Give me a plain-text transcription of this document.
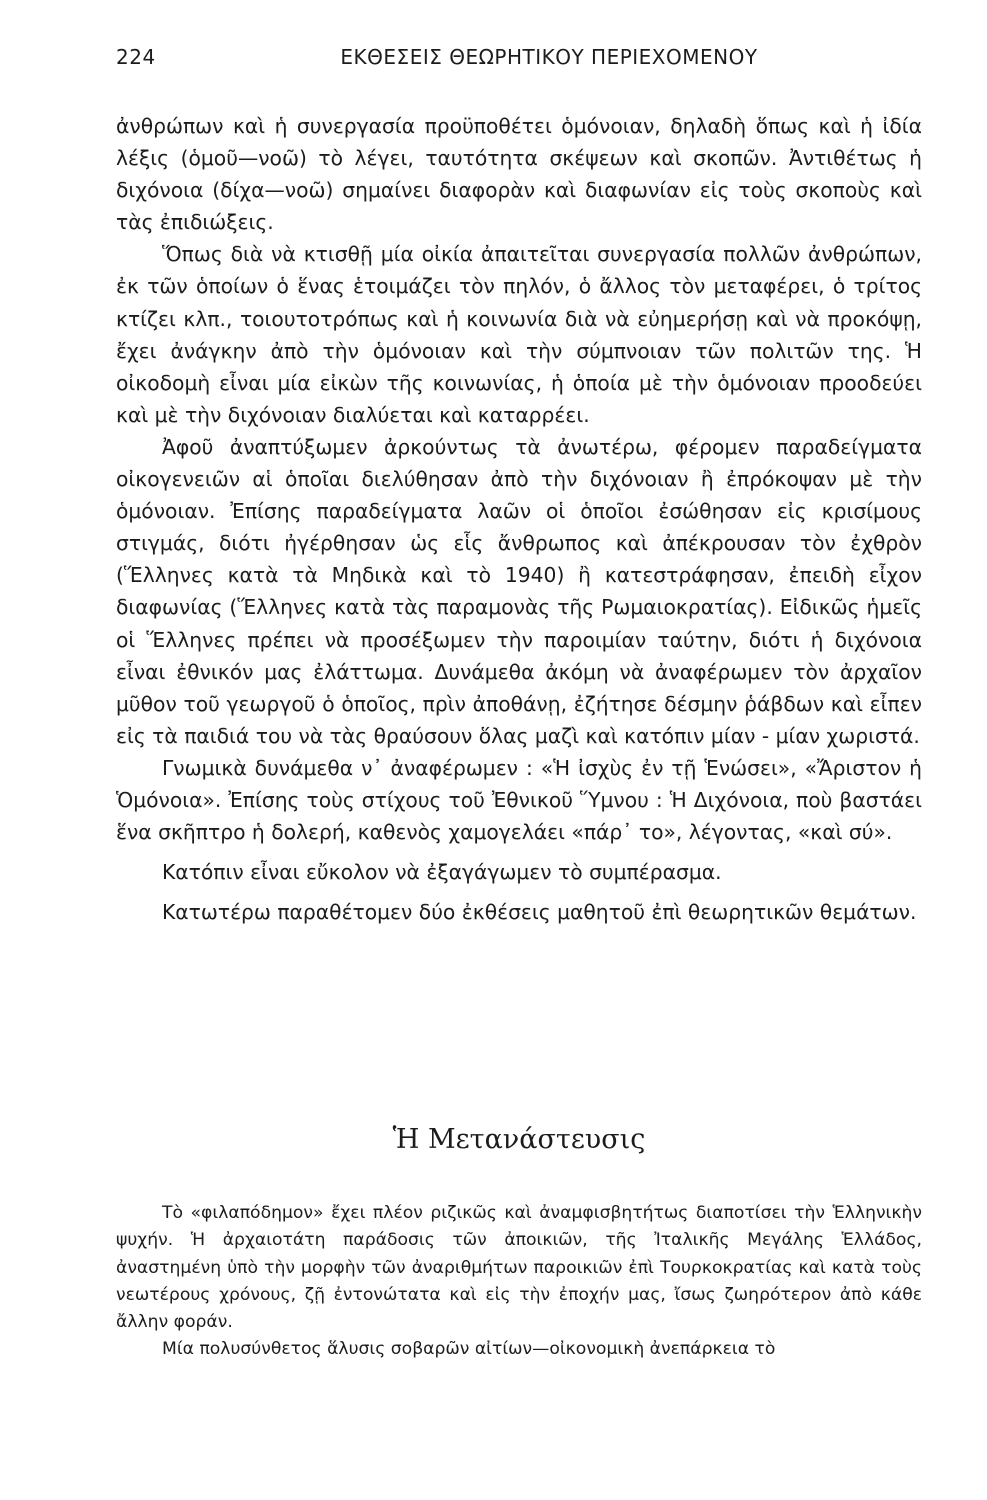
224	ΕΚΘΕΣΕΙΣ ΘΕΩΡΗΤΙΚΟΥ ΠΕΡΙΕΧΟΜΕΝΟΥ

ἀνθρώπων καὶ ἡ συνεργασία προϋποθέτει ὁμόνοιαν, δηλαδὴ ὅπως καὶ ἡ ἰδία λέξις (ὁμοῦ—νοῶ) τὸ λέγει, ταυτότητα σκέψεων καὶ σκοπῶν. Ἀντιθέτως ἡ διχόνοια (δίχα—νοῶ) σημαίνει διαφορὰν καὶ διαφωνίαν εἰς τοὺς σκοποὺς καὶ τὰς ἐπιδιώξεις.

Ὅπως διὰ νὰ κτισθῇ μία οἰκία ἀπαιτεῖται συνεργασία πολλῶν ἀνθρώπων, ἐκ τῶν ὁποίων ὁ ἕνας ἑτοιμάζει τὸν πηλόν, ὁ ἄλλος τὸν μεταφέρει, ὁ τρίτος κτίζει κλπ., τοιουτοτρόπως καὶ ἡ κοινωνία διὰ νὰ εὐημερήσῃ καὶ νὰ προκόψῃ, ἔχει ἀνάγκην ἀπὸ τὴν ὁμόνοιαν καὶ τὴν σύμπνοιαν τῶν πολιτῶν της. Ἡ οἰκοδομὴ εἶναι μία εἰκὼν τῆς κοινωνίας, ἡ ὁποία μὲ τὴν ὁμόνοιαν προοδεύει καὶ μὲ τὴν διχόνοιαν διαλύεται καὶ καταρρέει.

Ἀφοῦ ἀναπτύξωμεν ἀρκούντως τὰ ἀνωτέρω, φέρομεν παραδείγματα οἰκογενειῶν αἱ ὁποῖαι διελύθησαν ἀπὸ τὴν διχόνοιαν ἢ ἐπρόκοψαν μὲ τὴν ὁμόνοιαν. Ἐπίσης παραδείγματα λαῶν οἱ ὁποῖοι ἐσώθησαν εἰς κρισίμους στιγμάς, διότι ἠγέρθησαν ὡς εἷς ἄνθρωπος καὶ ἀπέκρουσαν τὸν ἐχθρὸν (Ἕλληνες κατὰ τὰ Μηδικὰ καὶ τὸ 1940) ἢ κατεστράφησαν, ἐπειδὴ εἶχον διαφωνίας (Ἕλληνες κατὰ τὰς παραμονὰς τῆς Ρωμαιοκρατίας). Εἰδικῶς ἡμεῖς οἱ Ἕλληνες πρέπει νὰ προσέξωμεν τὴν παροιμίαν ταύτην, διότι ἡ διχόνοια εἶναι ἐθνικόν μας ἐλάττωμα. Δυνάμεθα ἀκόμη νὰ ἀναφέρωμεν τὸν ἀρχαῖον μῦθον τοῦ γεωργοῦ ὁ ὁποῖος, πρὶν ἀποθάνῃ, ἐζήτησε δέσμην ῥάβδων καὶ εἶπεν εἰς τὰ παιδιά του νὰ τὰς θραύσουν ὅλας μαζὶ καὶ κατόπιν μίαν - μίαν χωριστά.

Γνωμικὰ δυνάμεθα ν᾿ ἀναφέρωμεν : «Ἡ ἰσχὺς ἐν τῇ Ἑνώσει», «Ἄριστον ἡ Ὁμόνοια». Ἐπίσης τοὺς στίχους τοῦ Ἐθνικοῦ Ὕμνου : Ἡ Διχόνοια, ποὺ βαστάει ἕνα σκῆπτρο ἡ δολερή, καθενὸς χαμογελάει «πάρ᾿ το», λέγοντας, «καὶ σύ».

Κατόπιν εἶναι εὔκολον νὰ ἐξαγάγωμεν τὸ συμπέρασμα.

Κατωτέρω παραθέτομεν δύο ἐκθέσεις μαθητοῦ ἐπὶ θεωρητικῶν θεμάτων.

Ἡ Μετανάστευσις

Τὸ «φιλαπόδημον» ἔχει πλέον ριζικῶς καὶ ἀναμφισβητήτως διαποτίσει τὴν Ἑλληνικὴν ψυχήν. Ἡ ἀρχαιοτάτη παράδοσις τῶν ἀποικιῶν, τῆς Ἰταλικῆς Μεγάλης Ἑλλάδος, ἀναστημένη ὑπὸ τὴν μορφὴν τῶν ἀναριθμήτων παροικιῶν ἐπὶ Τουρκοκρατίας καὶ κατὰ τοὺς νεωτέρους χρόνους, ζῇ ἐντονώτατα καὶ εἰς τὴν ἐποχήν μας, ἴσως ζωηρότερον ἀπὸ κάθε ἄλλην φοράν.

Μία πολυσύνθετος ἅλυσις σοβαρῶν αἰτίων—οἰκονομικὴ ἀνεπάρκεια τὸ
